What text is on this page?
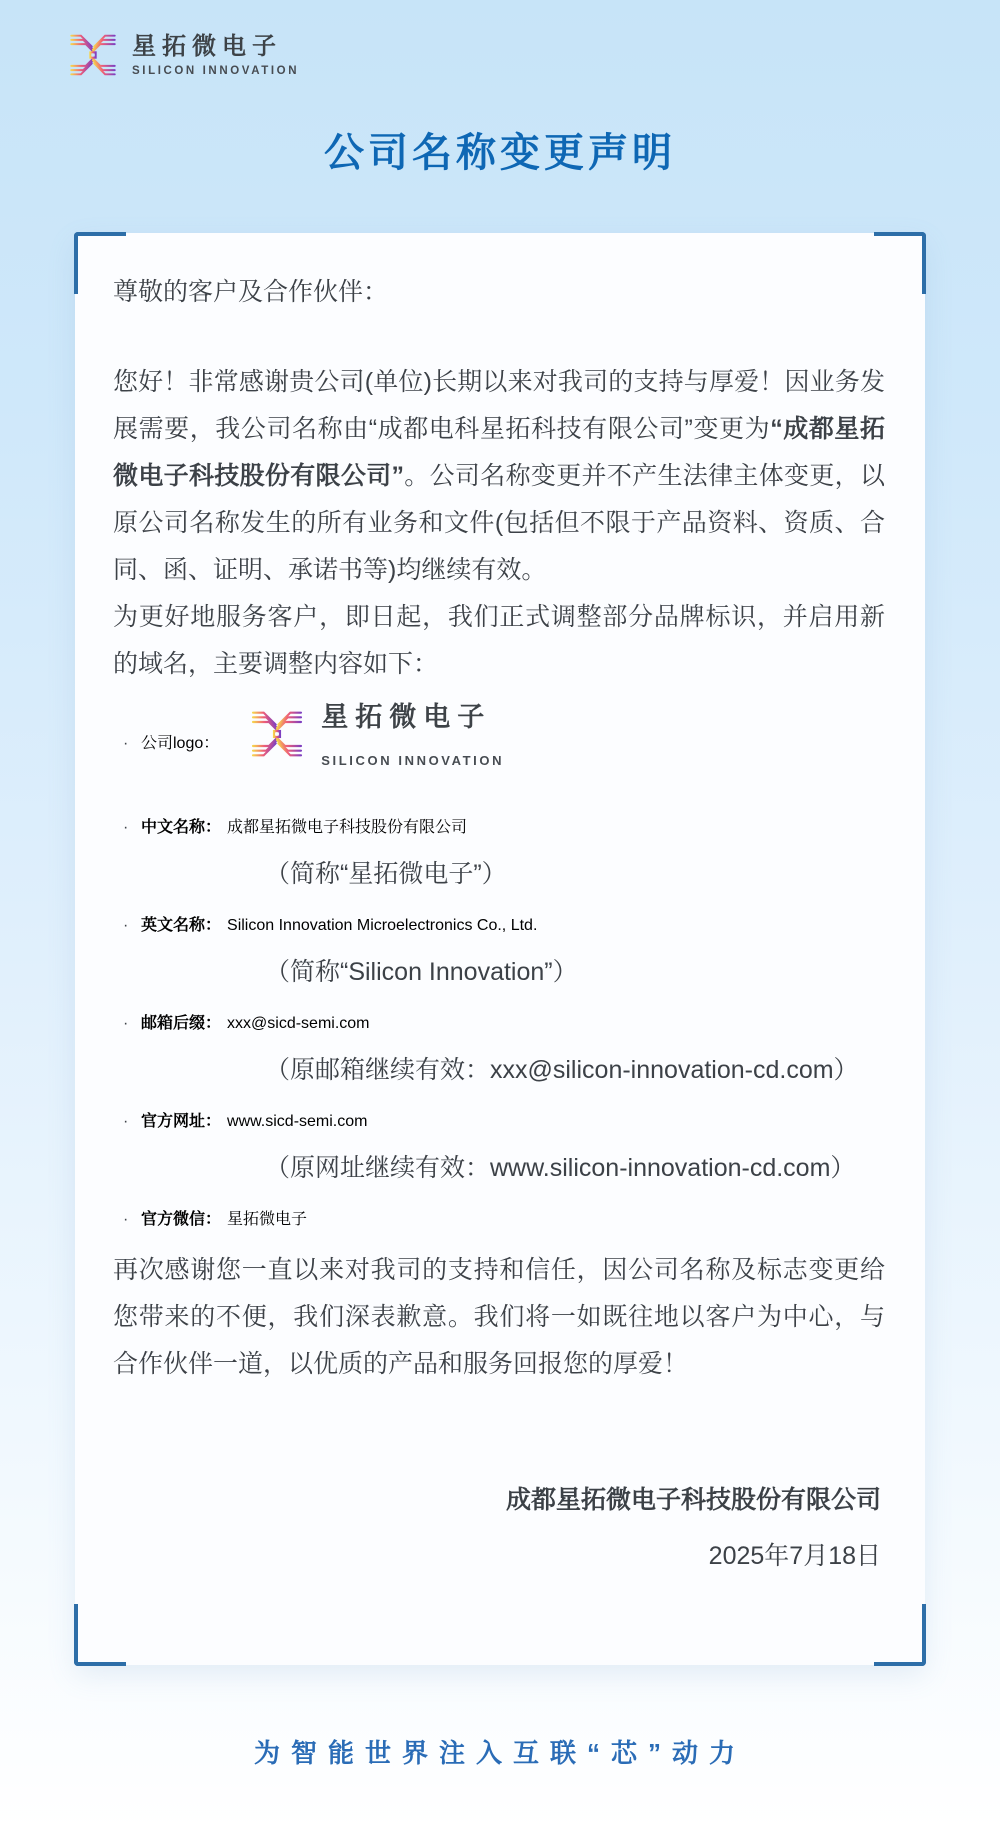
星拓微电子
SILICON INNOVATION
公司名称变更声明
尊敬的客户及合作伙伴：
您好！非常感谢贵公司(单位)长期以来对我司的支持与厚爱！因业务发展需要，我公司名称由“成都电科星拓科技有限公司”变更为“成都星拓微电子科技股份有限公司”。公司名称变更并不产生法律主体变更，以原公司名称发生的所有业务和文件(包括但不限于产品资料、资质、合同、函、证明、承诺书等)均继续有效。
为更好地服务客户，即日起，我们正式调整部分品牌标识，并启用新的域名，主要调整内容如下：
· 公司logo：
星拓微电子
SILICON INNOVATION
· 中文名称： 成都星拓微电子科技股份有限公司
（简称“星拓微电子”）
· 英文名称： Silicon Innovation Microelectronics Co., Ltd.
（简称“Silicon Innovation”）
· 邮箱后缀： xxx@sicd-semi.com
（原邮箱继续有效：xxx@silicon-innovation-cd.com）
· 官方网址： www.sicd-semi.com
（原网址继续有效：www.silicon-innovation-cd.com）
· 官方微信： 星拓微电子
再次感谢您一直以来对我司的支持和信任，因公司名称及标志变更给您带来的不便，我们深表歉意。我们将一如既往地以客户为中心，与合作伙伴一道，以优质的产品和服务回报您的厚爱！
成都星拓微电子科技股份有限公司
2025年7月18日
为智能世界注入互联“芯”动力
